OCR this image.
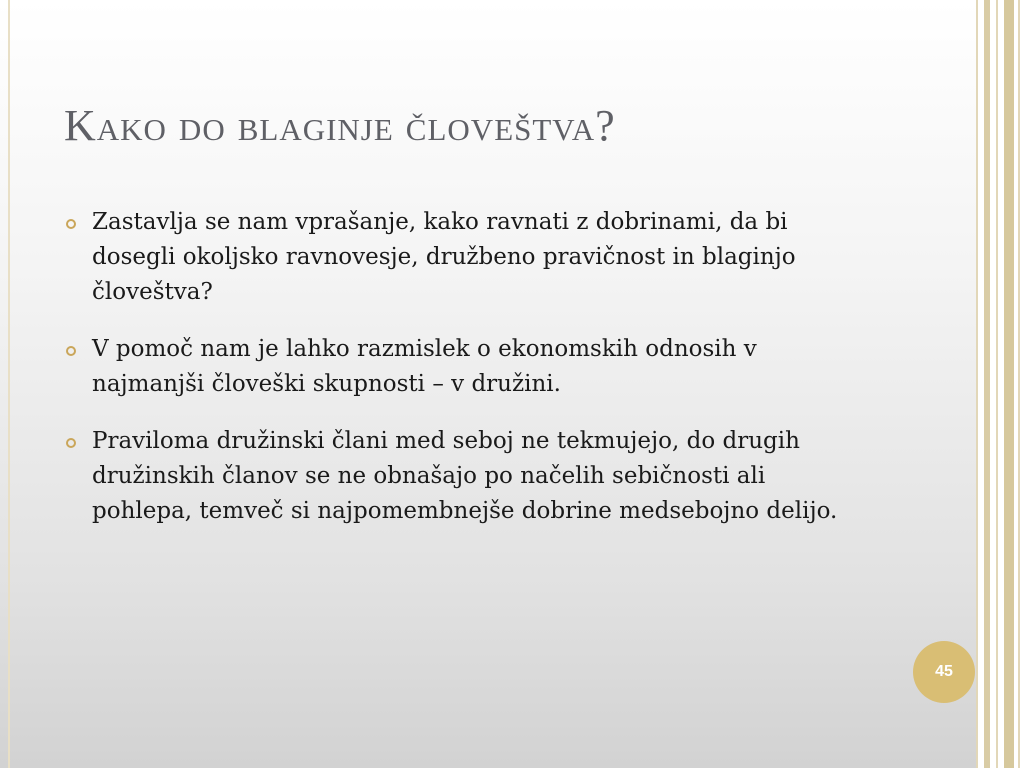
Kako do blaginje človeštva?
Zastavlja se nam vprašanje, kako ravnati z dobrinami, da bi dosegli okoljsko ravnovesje, družbeno pravičnost in blaginjo človeštva?
V pomoč nam je lahko razmislek o ekonomskih odnosih v najmanjši človeški skupnosti – v družini.
Praviloma družinski člani med seboj ne tekmujejo, do drugih družinskih članov se ne obnašajo po načelih sebičnosti ali pohlepa, temveč si najpomembnejše dobrine medsebojno delijo.
45
